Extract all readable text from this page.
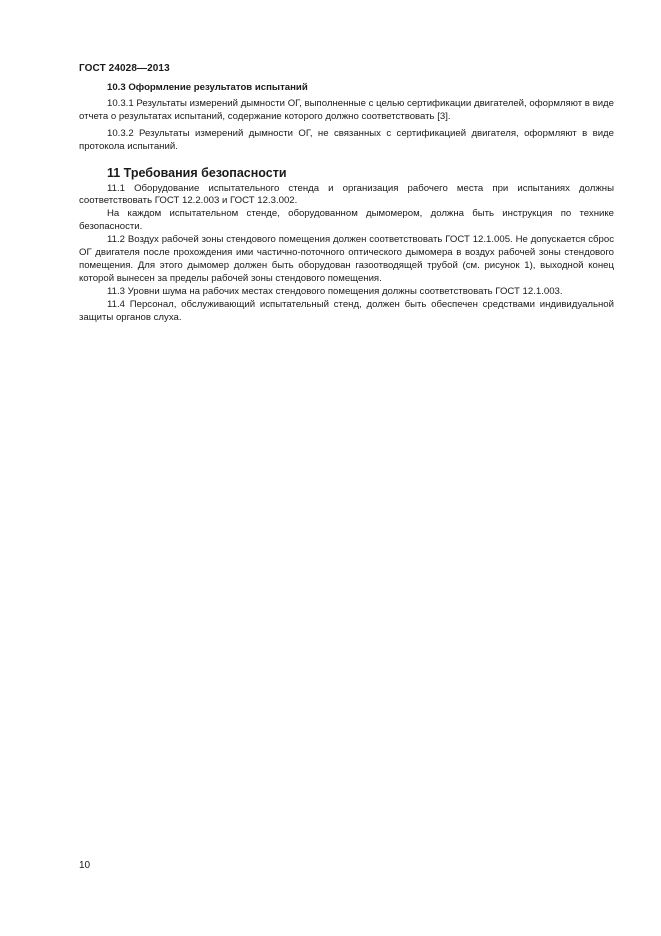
ГОСТ 24028—2013
10.3 Оформление результатов испытаний

10.3.1 Результаты измерений дымности ОГ, выполненные с целью сертификации двигателей, оформляют в виде отчета о результатах испытаний, содержание которого должно соответствовать [3].

10.3.2 Результаты измерений дымности ОГ, не связанных с сертификацией двигателя, оформляют в виде протокола испытаний.

11 Требования безопасности

11.1 Оборудование испытательного стенда и организация рабочего места при испытаниях должны соответствовать ГОСТ 12.2.003 и ГОСТ 12.3.002.

На каждом испытательном стенде, оборудованном дымомером, должна быть инструкция по технике безопасности.

11.2 Воздух рабочей зоны стендового помещения должен соответствовать ГОСТ 12.1.005. Не допускается сброс ОГ двигателя после прохождения ими частично-поточного оптического дымомера в воздух рабочей зоны стендового помещения. Для этого дымомер должен быть оборудован газоотводящей трубой (см. рисунок 1), выходной конец которой вынесен за пределы рабочей зоны стендового помещения.

11.3 Уровни шума на рабочих местах стендового помещения должны соответствовать ГОСТ 12.1.003.

11.4 Персонал, обслуживающий испытательный стенд, должен быть обеспечен средствами индивидуальной защиты органов слуха.

10
